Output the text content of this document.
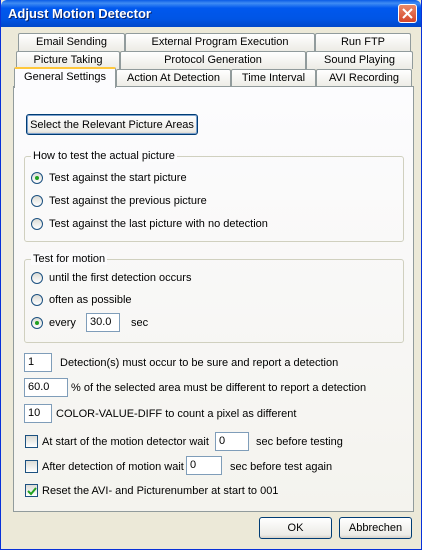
Adjust Motion Detector
Email Sending	External Program Execution	Run FTP
Picture Taking	Protocol Generation	Sound Playing
General Settings	Action At Detection	Time Interval	AVI Recording
Select the Relevant Picture Areas
How to test the actual picture
Test against the start picture
Test against the previous picture
Test against the last picture with no detection
Test for motion
until the first detection occurs
often as possible
every	30.0	sec
1	Detection(s) must occur to be sure and report a detection
60.0	% of the selected area must be different to report a detection
10	COLOR-VALUE-DIFF to count a pixel as different
At start of the motion detector wait 0	sec before testing
After detection of motion wait 0	sec before test again
Reset the AVI- and Picturenumber at start to 001
OK	Abbrechen
